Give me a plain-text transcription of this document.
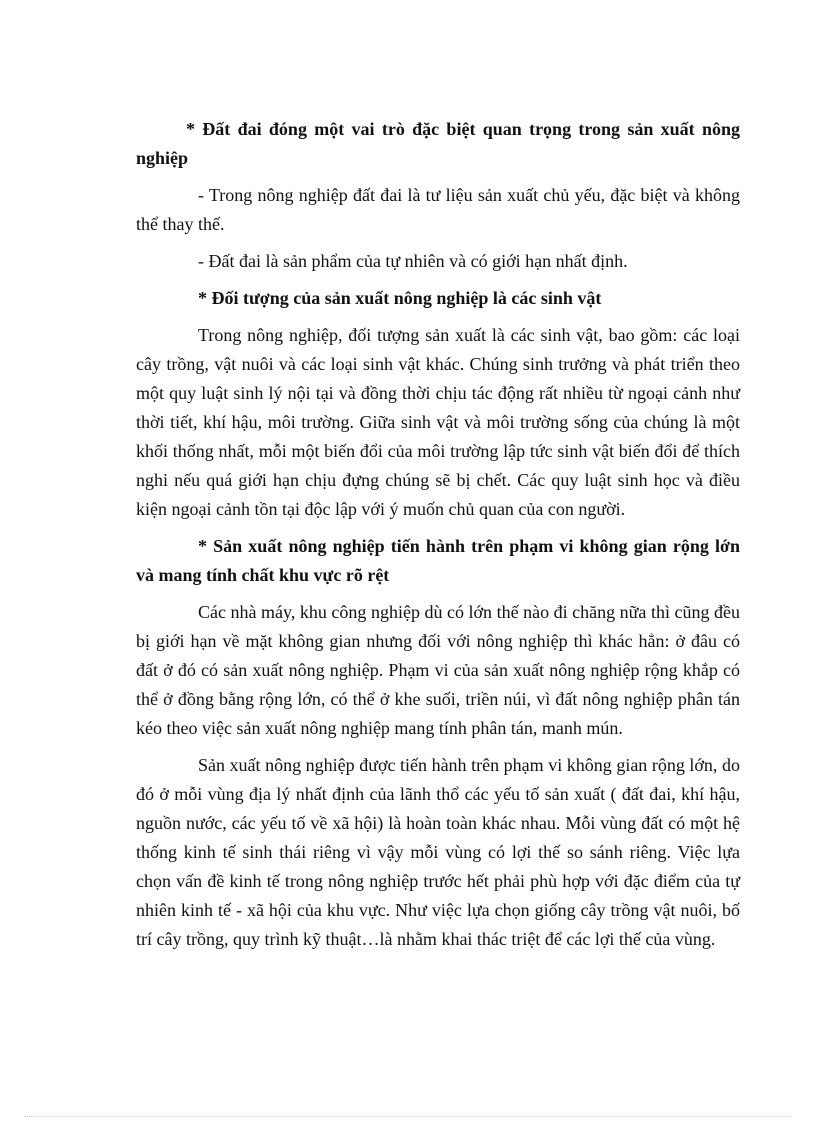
* Đất đai đóng một vai trò đặc biệt quan trọng trong sản xuất nông nghiệp

- Trong nông nghiệp đất đai là tư liệu sản xuất chủ yếu, đặc biệt và không thể thay thế.

- Đất đai là sản phẩm của tự nhiên và có giới hạn nhất định.

* Đối tượng của sản xuất nông nghiệp là các sinh vật

Trong nông nghiệp, đối tượng sản xuất là các sinh vật, bao gồm: các loại cây trồng, vật nuôi và các loại sinh vật khác. Chúng sinh trưởng và phát triển theo một quy luật sinh lý nội tại và đồng thời chịu tác động rất nhiều từ ngoại cảnh như thời tiết, khí hậu, môi trường. Giữa sinh vật và môi trường sống của chúng là một khối thống nhất, mỗi một biến đổi của môi trường lập tức sinh vật biến đổi để thích nghi nếu quá giới hạn chịu đựng chúng sẽ bị chết. Các quy luật sinh học và điều kiện ngoại cảnh tồn tại độc lập với ý muốn chủ quan của con người.

* Sản xuất nông nghiệp tiến hành trên phạm vi không gian rộng lớn và mang tính chất khu vực rõ rệt

Các nhà máy, khu công nghiệp dù có lớn thế nào đi chăng nữa thì cũng đều bị giới hạn về mặt không gian nhưng đối với nông nghiệp thì khác hẳn: ở đâu có đất ở đó có sản xuất nông nghiệp. Phạm vi của sản xuất nông nghiệp rộng khắp có thể ở đồng bằng rộng lớn, có thể ở khe suối, triền núi, vì đất nông nghiệp phân tán kéo theo việc sản xuất nông nghiệp mang tính phân tán, manh mún.

Sản xuất nông nghiệp được tiến hành trên phạm vi không gian rộng lớn, do đó ở mỗi vùng địa lý nhất định của lãnh thổ các yếu tố sản xuất ( đất đai, khí hậu, nguồn nước, các yếu tố về xã hội) là hoàn toàn khác nhau. Mỗi vùng đất có một hệ thống kinh tế sinh thái riêng vì vậy mỗi vùng có lợi thế so sánh riêng. Việc lựa chọn vấn đề kinh tế trong nông nghiệp trước hết phải phù hợp với đặc điểm của tự nhiên kinh tế - xã hội của khu vực. Như việc lựa chọn giống cây trồng vật nuôi, bố trí cây trồng, quy trình kỹ thuật…là nhằm khai thác triệt để các lợi thế của vùng.
